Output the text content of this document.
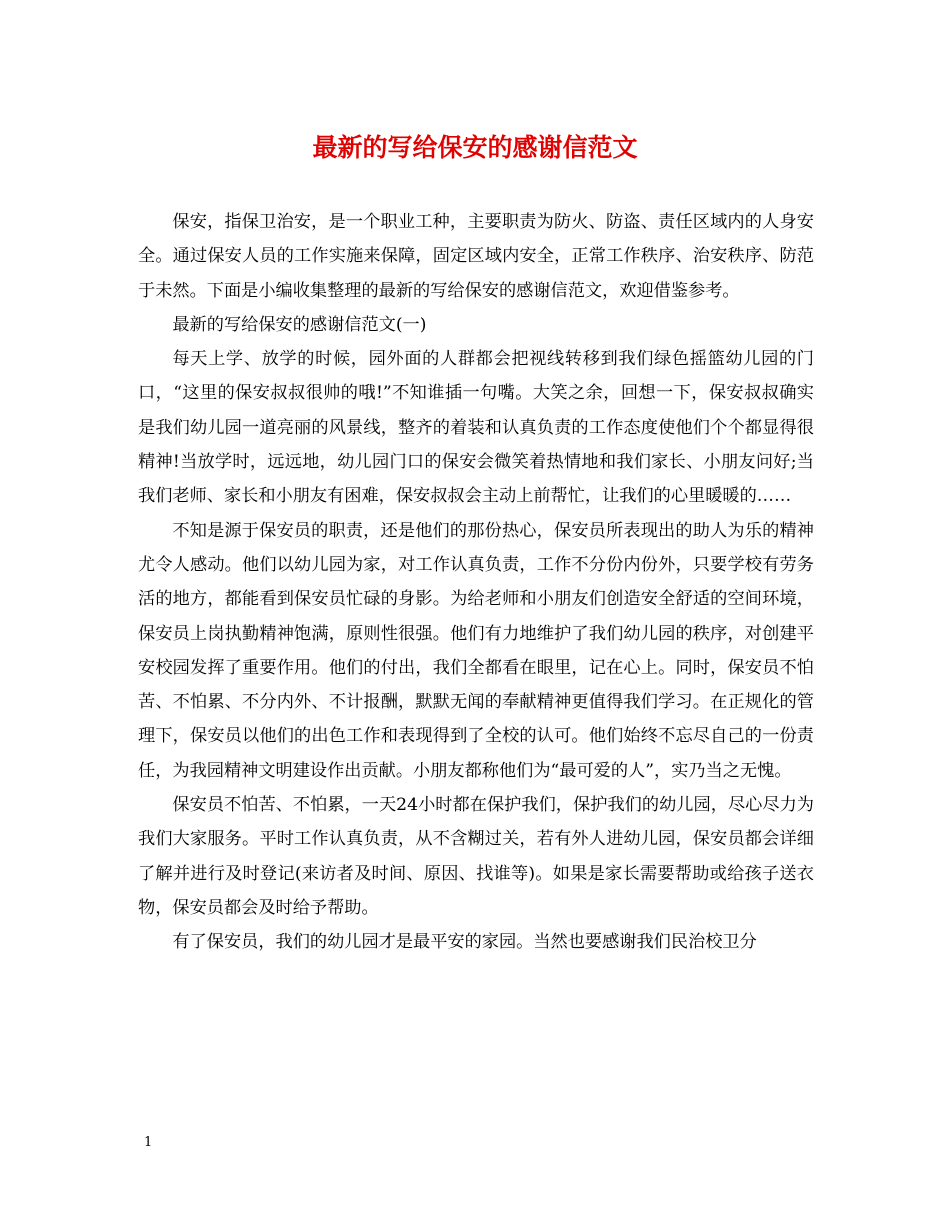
最新的写给保安的感谢信范文

保安，指保卫治安，是一个职业工种，主要职责为防火、防盗、责任区域内的人身安全。通过保安人员的工作实施来保障，固定区域内安全，正常工作秩序、治安秩序、防范于未然。下面是小编收集整理的最新的写给保安的感谢信范文，欢迎借鉴参考。

最新的写给保安的感谢信范文(一)

每天上学、放学的时候，园外面的人群都会把视线转移到我们绿色摇篮幼儿园的门口，“这里的保安叔叔很帅的哦!”不知谁插一句嘴。大笑之余，回想一下，保安叔叔确实是我们幼儿园一道亮丽的风景线，整齐的着装和认真负责的工作态度使他们个个都显得很精神!当放学时，远远地，幼儿园门口的保安会微笑着热情地和我们家长、小朋友问好;当我们老师、家长和小朋友有困难，保安叔叔会主动上前帮忙，让我们的心里暖暖的……

不知是源于保安员的职责，还是他们的那份热心，保安员所表现出的助人为乐的精神尤令人感动。他们以幼儿园为家，对工作认真负责，工作不分份内份外，只要学校有劳务活的地方，都能看到保安员忙碌的身影。为给老师和小朋友们创造安全舒适的空间环境，保安员上岗执勤精神饱满，原则性很强。他们有力地维护了我们幼儿园的秩序，对创建平安校园发挥了重要作用。他们的付出，我们全都看在眼里，记在心上。同时，保安员不怕苦、不怕累、不分内外、不计报酬，默默无闻的奉献精神更值得我们学习。在正规化的管理下，保安员以他们的出色工作和表现得到了全校的认可。他们始终不忘尽自己的一份责任，为我园精神文明建设作出贡献。小朋友都称他们为“最可爱的人”，实乃当之无愧。

保安员不怕苦、不怕累，一天24小时都在保护我们，保护我们的幼儿园，尽心尽力为我们大家服务。平时工作认真负责，从不含糊过关，若有外人进幼儿园，保安员都会详细了解并进行及时登记(来访者及时间、原因、找谁等)。如果是家长需要帮助或给孩子送衣物，保安员都会及时给予帮助。

有了保安员，我们的幼儿园才是最平安的家园。当然也要感谢我们民治校卫分

1
